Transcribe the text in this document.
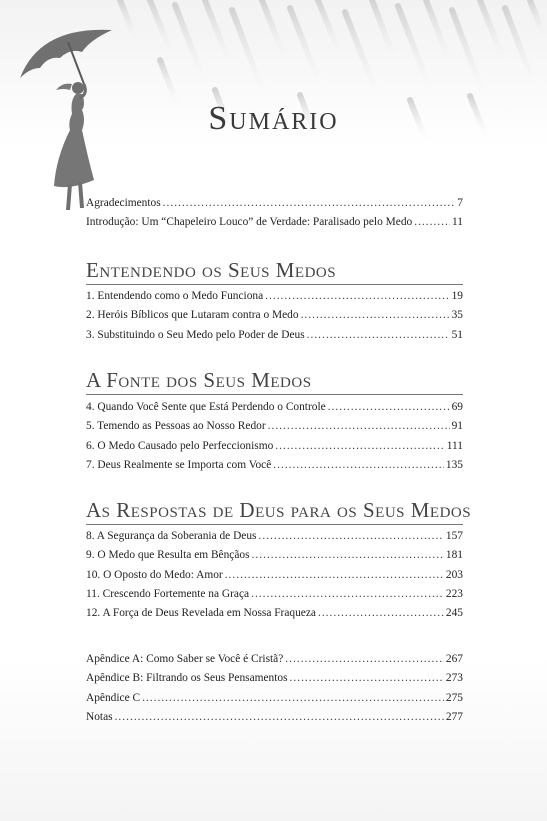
Sumário
Agradecimentos .....	7
Introdução: Um “Chapeleiro Louco” de Verdade: Paralisado pelo Medo .....	11
Entendendo os Seus Medos
1. Entendendo como o Medo Funciona .....	19
2. Heróis Bíblicos que Lutaram contra o Medo .....	35
3. Substituindo o Seu Medo pelo Poder de Deus .....	51
A Fonte dos Seus Medos
4. Quando Você Sente que Está Perdendo o Controle .....	69
5. Temendo as Pessoas ao Nosso Redor .....	91
6. O Medo Causado pelo Perfeccionismo .....	111
7. Deus Realmente se Importa com Você .....	135
As Respostas de Deus para os Seus Medos
8. A Segurança da Soberania de Deus .....	157
9. O Medo que Resulta em Bênçãos .....	181
10. O Oposto do Medo: Amor .....	203
11. Crescendo Fortemente na Graça .....	223
12. A Força de Deus Revelada em Nossa Fraqueza .....	245
Apêndice A: Como Saber se Você é Cristã? .....	267
Apêndice B: Filtrando os Seus Pensamentos .....	273
Apêndice C .....	275
Notas .....	277
